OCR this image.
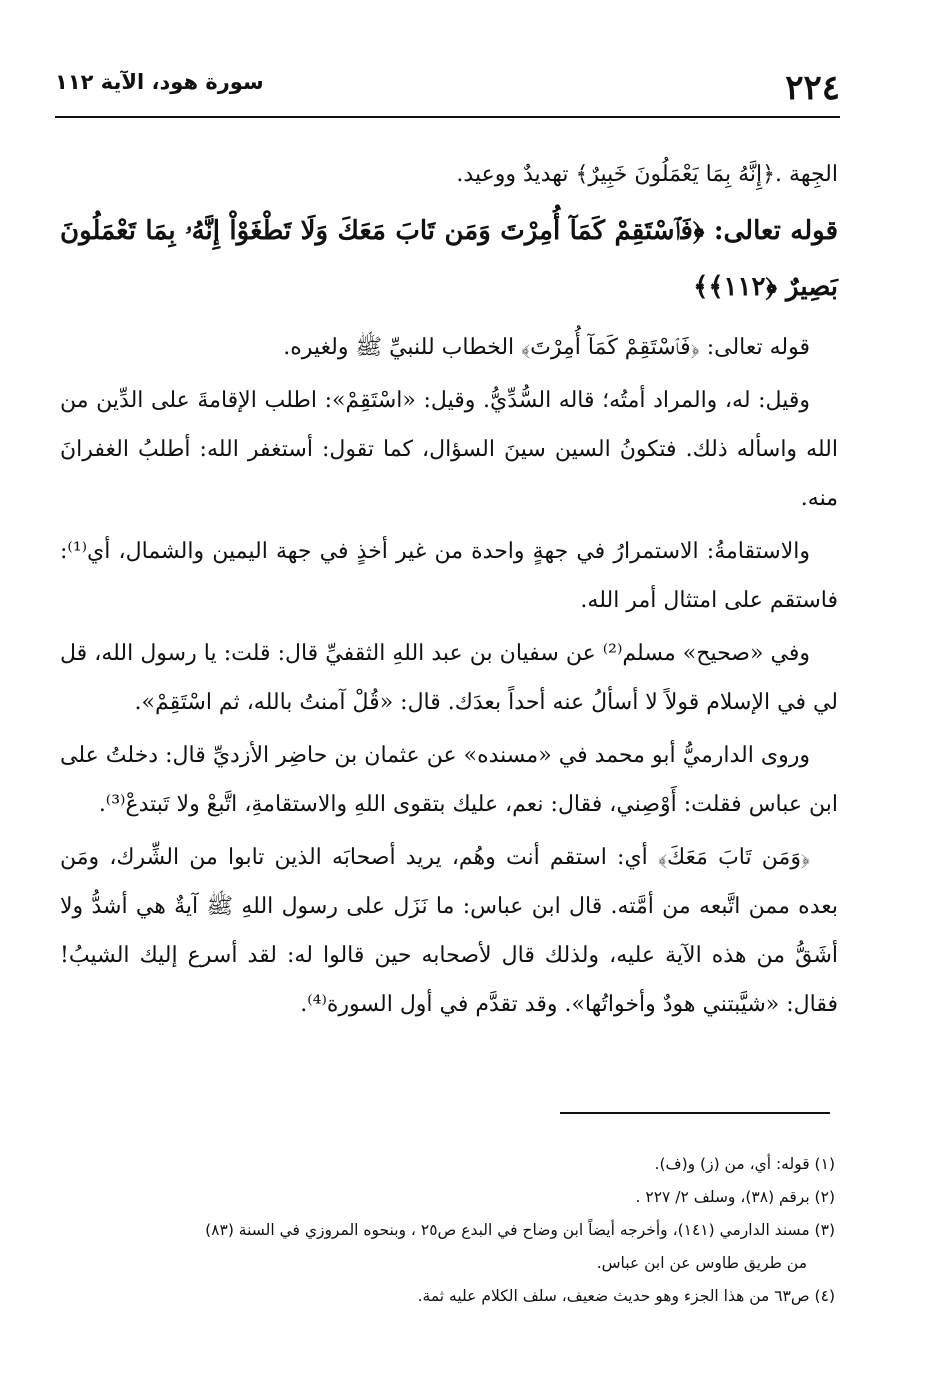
٢٢٤
سورة هود، الآية ١١٢

الجِهة .﴿إِنَّهُ بِمَا يَعْمَلُونَ خَبِيرٌ﴾ تهديدٌ ووعيد.

قوله تعالى: ﴿فَٱسْتَقِمْ كَمَآ أُمِرْتَ وَمَن تَابَ مَعَكَ وَلَا تَطْغَوْاْ إِنَّهُۥ بِمَا تَعْمَلُونَ بَصِيرٌ ﴿١١٢﴾﴾

قوله تعالى: ﴿فَٱسْتَقِمْ كَمَآ أُمِرْتَ﴾ الخطاب للنبيِّ ﷺ ولغيره.

وقيل: له، والمراد أمتُه؛ قاله السُّدِّيُّ. وقيل: «اسْتَقِمْ»: اطلب الإقامةَ على الدِّين من الله واسأله ذلك. فتكونُ السين سينَ السؤال، كما تقول: أستغفر الله: أطلبُ الغفرانَ منه.

والاستقامةُ: الاستمرارُ في جهةٍ واحدة من غير أخذٍ في جهة اليمين والشمال، أي⁽¹⁾: فاستقم على امتثال أمر الله.

وفي «صحيح» مسلم⁽²⁾ عن سفيان بن عبد اللهِ الثقفيِّ قال: قلت: يا رسول الله، قل لي في الإسلام قولاً لا أسألُ عنه أحداً بعدَك. قال: «قُلْ آمنتُ بالله، ثم اسْتَقِمْ».

وروى الدارميُّ أبو محمد في «مسنده» عن عثمان بن حاضِر الأزديِّ قال: دخلتُ على ابن عباس فقلت: أَوْصِني، فقال: نعم، عليك بتقوى اللهِ والاستقامةِ، اتَّبعْ ولا تَبتدعْ⁽³⁾.

﴿وَمَن تَابَ مَعَكَ﴾ أي: استقم أنت وهُم، يريد أصحابَه الذين تابوا من الشِّرك، ومَن بعده ممن اتَّبعه من أمَّته. قال ابن عباس: ما نَزَل على رسول اللهِ ﷺ آيةٌ هي أشدُّ ولا أشَقُّ من هذه الآية عليه، ولذلك قال لأصحابه حين قالوا له: لقد أسرع إليك الشيبُ! فقال: «شيَّبتني هودٌ وأخواتُها». وقد تقدَّم في أول السورة⁽⁴⁾.

(١) قوله: أي، من (ز) و(ف).

(٢) برقم (٣٨)، وسلف ٢/ ٢٢٧ .

(٣) مسند الدارمي (١٤١)، وأخرجه أيضاً ابن وضاح في البدع ص٢٥ ، وبنحوه المروزي في السنة (٨٣)

من طريق طاوس عن ابن عباس.

(٤) ص٦٣ من هذا الجزء وهو حديث ضعيف، سلف الكلام عليه ثمة.
